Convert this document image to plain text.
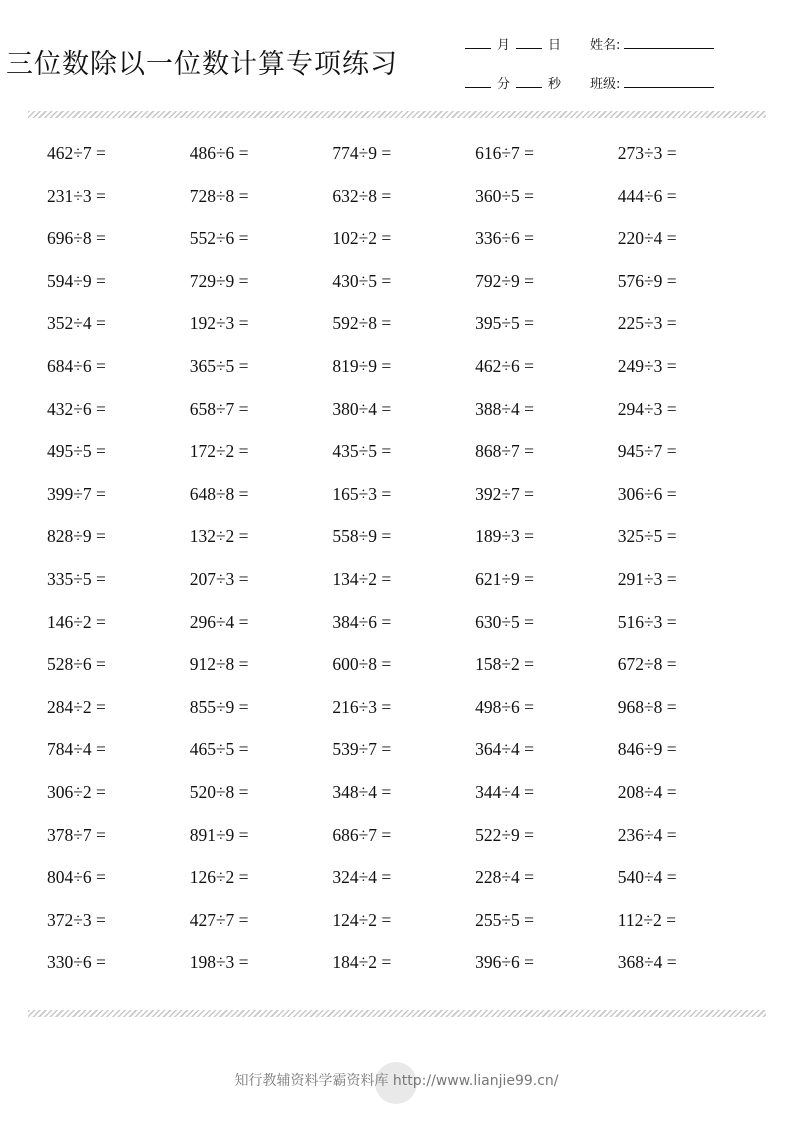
三位数除以一位数计算专项练习
月	日
分	秒
姓名:
班级:
462÷7 =	486÷6 =	774÷9 =	616÷7 =	273÷3 =
231÷3 =	728÷8 =	632÷8 =	360÷5 =	444÷6 =
696÷8 =	552÷6 =	102÷2 =	336÷6 =	220÷4 =
594÷9 =	729÷9 =	430÷5 =	792÷9 =	576÷9 =
352÷4 =	192÷3 =	592÷8 =	395÷5 =	225÷3 =
684÷6 =	365÷5 =	819÷9 =	462÷6 =	249÷3 =
432÷6 =	658÷7 =	380÷4 =	388÷4 =	294÷3 =
495÷5 =	172÷2 =	435÷5 =	868÷7 =	945÷7 =
399÷7 =	648÷8 =	165÷3 =	392÷7 =	306÷6 =
828÷9 =	132÷2 =	558÷9 =	189÷3 =	325÷5 =
335÷5 =	207÷3 =	134÷2 =	621÷9 =	291÷3 =
146÷2 =	296÷4 =	384÷6 =	630÷5 =	516÷3 =
528÷6 =	912÷8 =	600÷8 =	158÷2 =	672÷8 =
284÷2 =	855÷9 =	216÷3 =	498÷6 =	968÷8 =
784÷4 =	465÷5 =	539÷7 =	364÷4 =	846÷9 =
306÷2 =	520÷8 =	348÷4 =	344÷4 =	208÷4 =
378÷7 =	891÷9 =	686÷7 =	522÷9 =	236÷4 =
804÷6 =	126÷2 =	324÷4 =	228÷4 =	540÷4 =
372÷3 =	427÷7 =	124÷2 =	255÷5 =	112÷2 =
330÷6 =	198÷3 =	184÷2 =	396÷6 =	368÷4 =
知行教辅资料学霸资料库 http://www.lianjie99.cn/
